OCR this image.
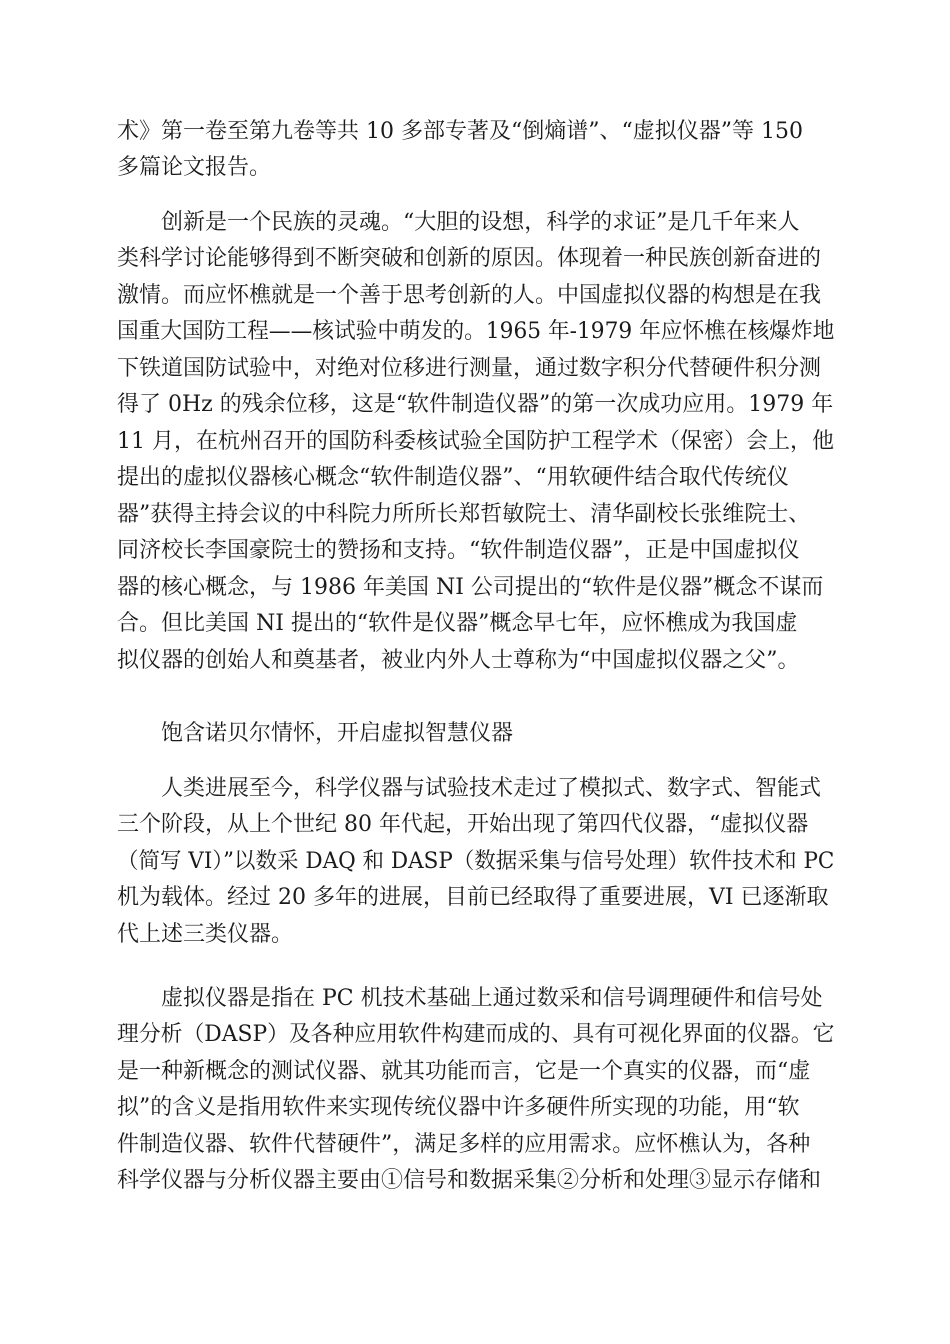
术》第一卷至第九卷等共 10 多部专著及“倒熵谱”、“虚拟仪器”等 150
多篇论文报告。
创新是一个民族的灵魂。“大胆的设想，科学的求证”是几千年来人
类科学讨论能够得到不断突破和创新的原因。体现着一种民族创新奋进的
激情。而应怀樵就是一个善于思考创新的人。中国虚拟仪器的构想是在我
国重大国防工程——核试验中萌发的。1965 年-1979 年应怀樵在核爆炸地
下铁道国防试验中，对绝对位移进行测量，通过数字积分代替硬件积分测
得了 0Hz 的残余位移，这是“软件制造仪器”的第一次成功应用。1979 年
11 月，在杭州召开的国防科委核试验全国防护工程学术（保密）会上，他
提出的虚拟仪器核心概念“软件制造仪器”、“用软硬件结合取代传统仪
器”获得主持会议的中科院力所所长郑哲敏院士、清华副校长张维院士、
同济校长李国豪院士的赞扬和支持。“软件制造仪器”，正是中国虚拟仪
器的核心概念，与 1986 年美国 NI 公司提出的“软件是仪器”概念不谋而
合。但比美国 NI 提出的“软件是仪器”概念早七年，应怀樵成为我国虚
拟仪器的创始人和奠基者，被业内外人士尊称为“中国虚拟仪器之父”。
饱含诺贝尔情怀，开启虚拟智慧仪器
人类进展至今，科学仪器与试验技术走过了模拟式、数字式、智能式
三个阶段，从上个世纪 80 年代起，开始出现了第四代仪器，“虚拟仪器
（简写 VI）”以数采 DAQ 和 DASP（数据采集与信号处理）软件技术和 PC
机为载体。经过 20 多年的进展，目前已经取得了重要进展，VI 已逐渐取
代上述三类仪器。
虚拟仪器是指在 PC 机技术基础上通过数采和信号调理硬件和信号处
理分析（DASP）及各种应用软件构建而成的、具有可视化界面的仪器。它
是一种新概念的测试仪器、就其功能而言，它是一个真实的仪器，而“虚
拟”的含义是指用软件来实现传统仪器中许多硬件所实现的功能，用“软
件制造仪器、软件代替硬件”，满足多样的应用需求。应怀樵认为，各种
科学仪器与分析仪器主要由①信号和数据采集②分析和处理③显示存储和
